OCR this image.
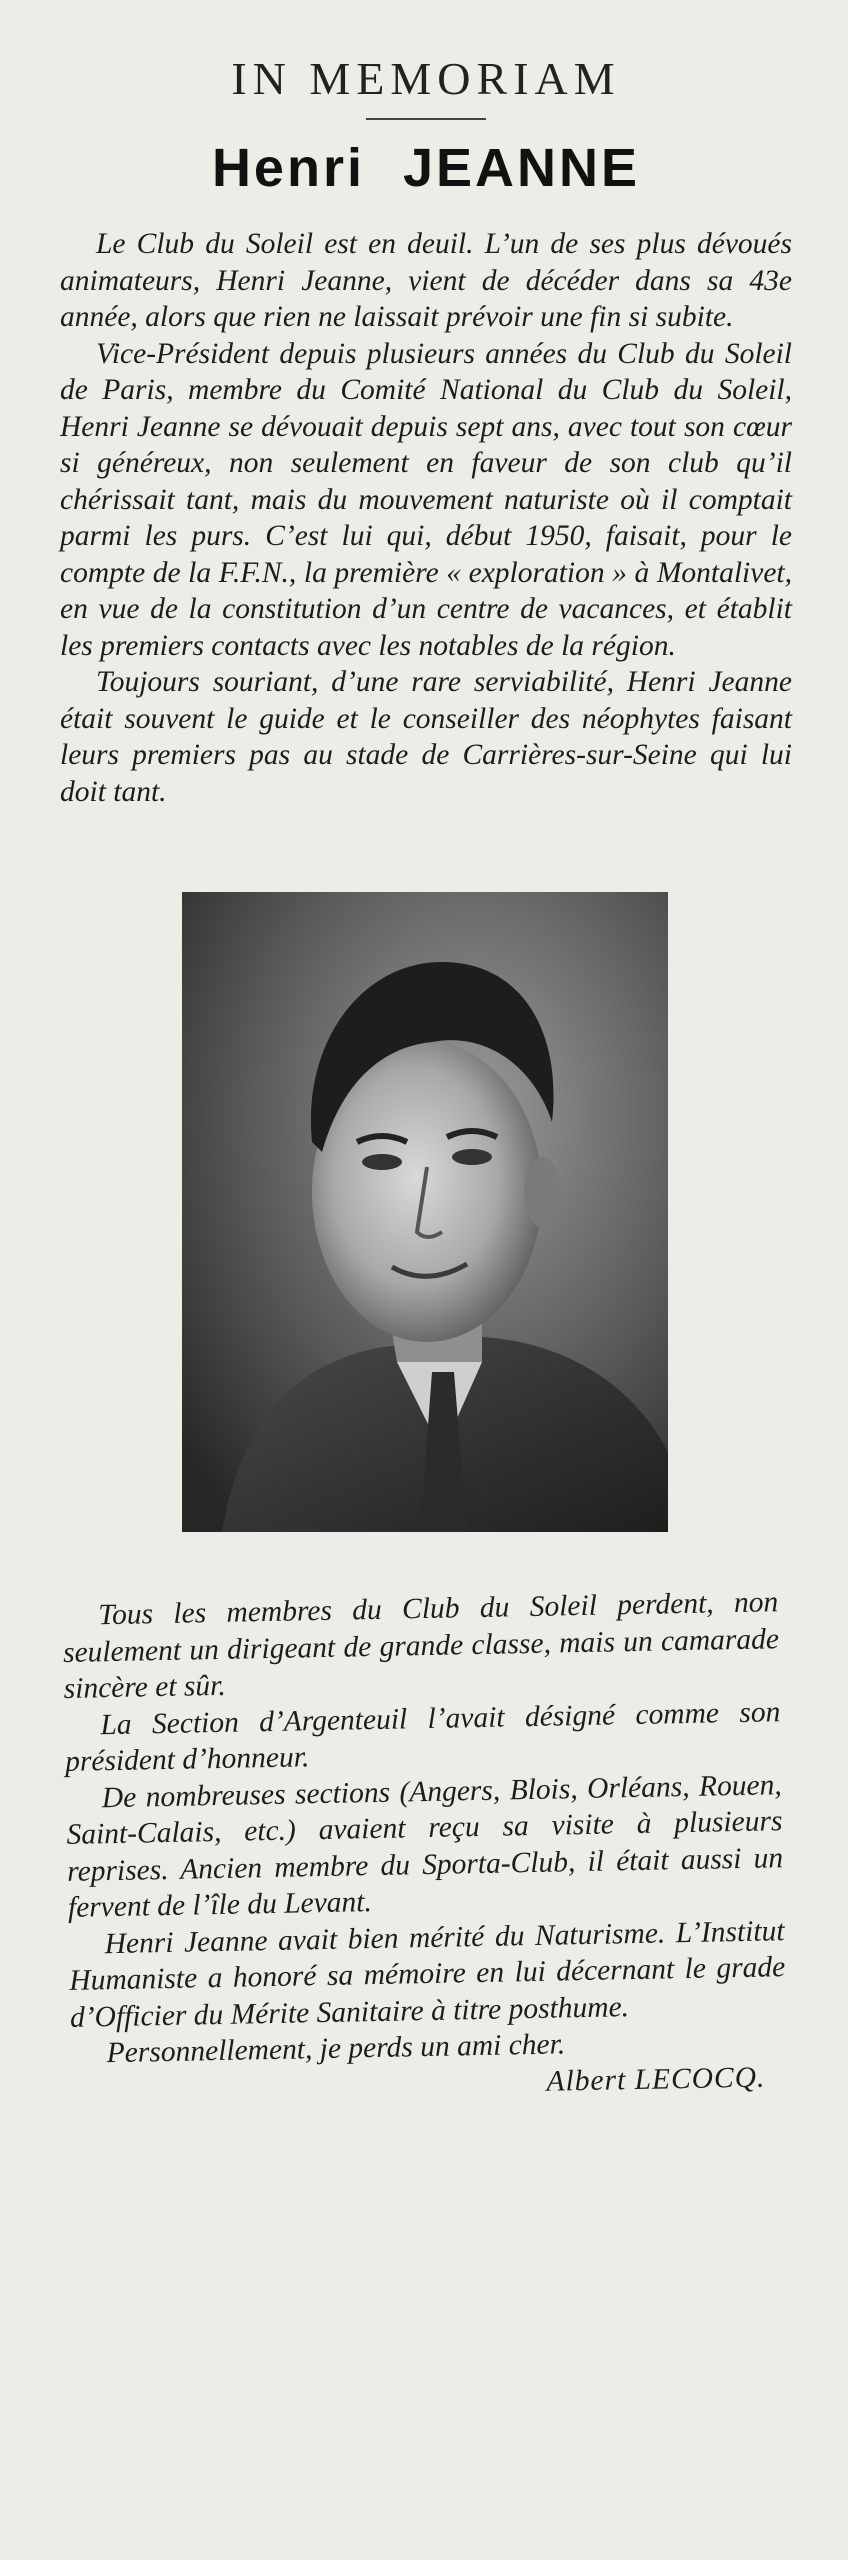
IN MEMORIAM
Henri JEANNE

Le Club du Soleil est en deuil. L’un de ses plus dévoués animateurs, Henri Jeanne, vient de décéder dans sa 43e année, alors que rien ne laissait prévoir une fin si subite.

Vice-Président depuis plusieurs années du Club du Soleil de Paris, membre du Comité National du Club du Soleil, Henri Jeanne se dévouait depuis sept ans, avec tout son cœur si généreux, non seulement en faveur de son club qu’il chérissait tant, mais du mouvement naturiste où il comptait parmi les purs. C’est lui qui, début 1950, faisait, pour le compte de la F.F.N., la première « exploration » à Montalivet, en vue de la constitution d’un centre de vacances, et établit les premiers contacts avec les notables de la région.

Toujours souriant, d’une rare serviabilité, Henri Jeanne était souvent le guide et le conseiller des néophytes faisant leurs premiers pas au stade de Carrières-sur-Seine qui lui doit tant.

Tous les membres du Club du Soleil perdent, non seulement un dirigeant de grande classe, mais un camarade sincère et sûr.

La Section d’Argenteuil l’avait désigné comme son président d’honneur.

De nombreuses sections (Angers, Blois, Orléans, Rouen, Saint-Calais, etc.) avaient reçu sa visite à plusieurs reprises. Ancien membre du Sporta-Club, il était aussi un fervent de l’île du Levant.

Henri Jeanne avait bien mérité du Naturisme. L’Institut Humaniste a honoré sa mémoire en lui décernant le grade d’Officier du Mérite Sanitaire à titre posthume.

Personnellement, je perds un ami cher.

Albert LECOCQ.
